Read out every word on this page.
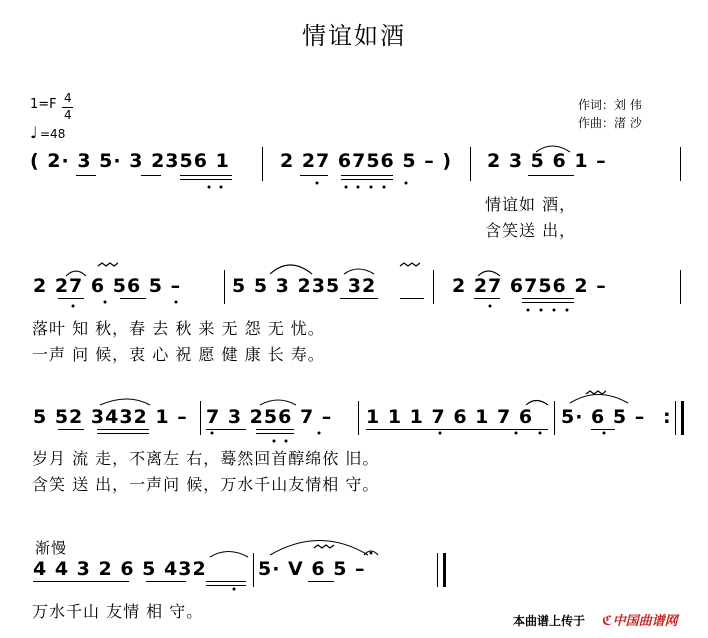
情谊如酒
1=F 4
4
♩ =48
作词：刘 伟
作曲：渚 沙
( 2· 3 5· 3 2356 1	2 27 6756 5 – ) 2 3 5 6 1 –
情谊如 酒，
含笑送 出，
2 27 6 56 5 –	5 5 3 235 32	2 27 6756 2 –
落叶 知 秋，春 去 秋 来 无 怨 无 忧。
一声 问 候，衷 心 祝 愿 健 康 长 寿。
5 52 3432 1 – 7 3 256 7 – 1 1 1 7 6 1 7 6 5· 6 5 – :
岁月 流 走，不离左 右，蓦然回首醇绵依 旧。
含笑 送 出，一声问 候，万水千山友情相 守。
渐慢
4 4 3 2 6 5 432	5· V 6 5 –
万水千山 友情 相 守。	本曲谱上传于 ℭ中国曲谱网
